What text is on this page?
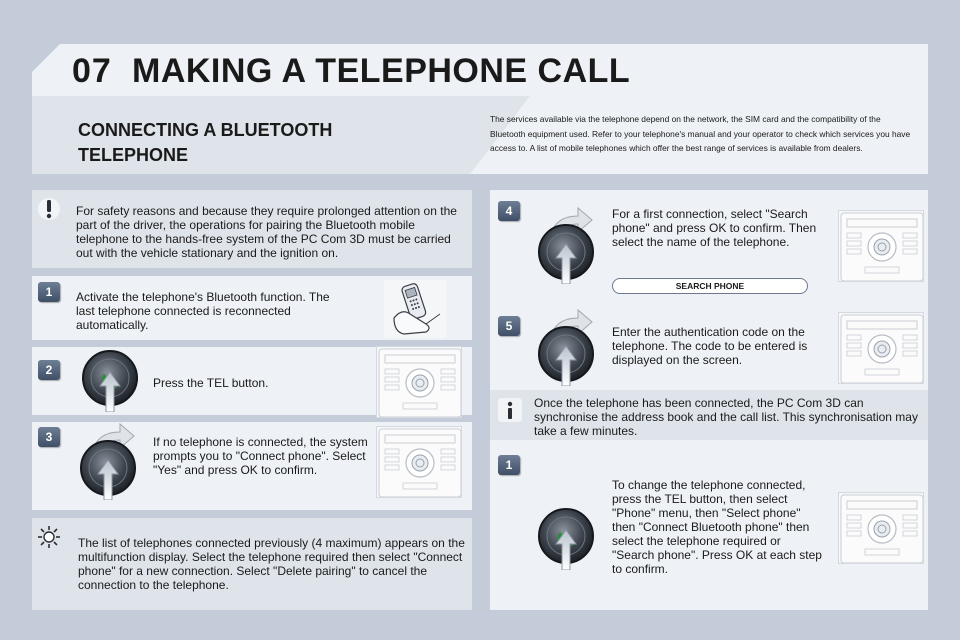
07 MAKING A TELEPHONE CALL
CONNECTING A BLUETOOTH TELEPHONE
The services available via the telephone depend on the network, the SIM card and the compatibility of the Bluetooth equipment used. Refer to your telephone's manual and your operator to check which services you have access to. A list of mobile telephones which offer the best range of services is available from dealers.
For safety reasons and because they require prolonged attention on the part of the driver, the operations for pairing the Bluetooth mobile telephone to the hands-free system of the PC Com 3D must be carried out with the vehicle stationary and the ignition on.
1	Activate the telephone's Bluetooth function. The last telephone connected is reconnected automatically.
2
Press the TEL button.
3	If no telephone is connected, the system prompts you to "Connect phone". Select "Yes" and press OK to confirm.
The list of telephones connected previously (4 maximum) appears on the multifunction display. Select the telephone required then select "Connect phone" for a new connection. Select "Delete pairing" to cancel the connection to the telephone.
4	For a first connection, select "Search phone" and press OK to confirm. Then select the name of the telephone.
SEARCH PHONE
5	Enter the authentication code on the telephone. The code to be entered is displayed on the screen.
Once the telephone has been connected, the PC Com 3D can synchronise the address book and the call list. This synchronisation may take a few minutes.
1
To change the telephone connected, press the TEL button, then select "Phone" menu, then "Select phone" then "Connect Bluetooth phone" then select the telephone required or "Search phone". Press OK at each step to confirm.
